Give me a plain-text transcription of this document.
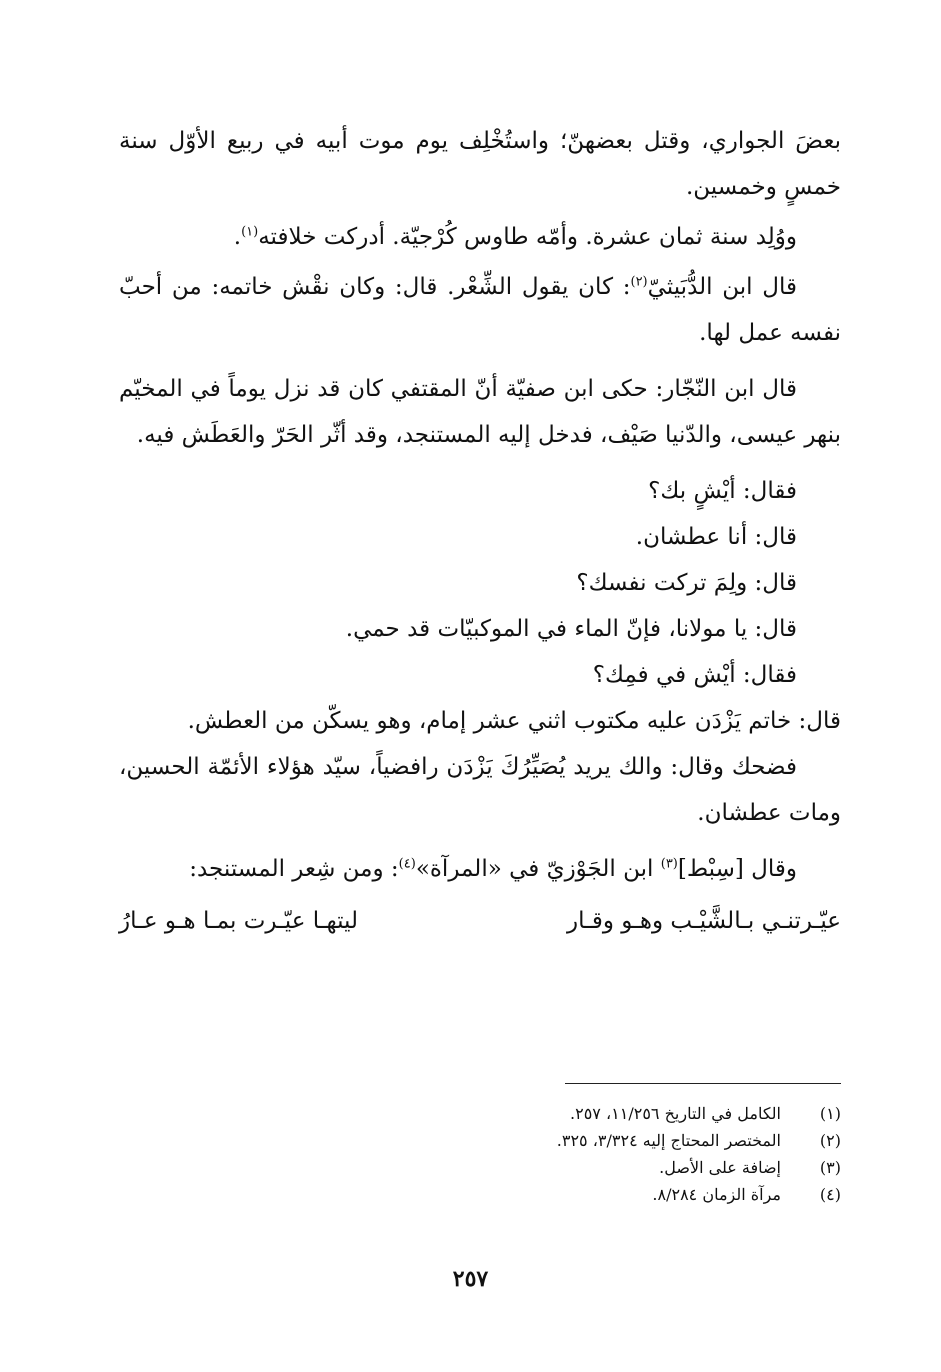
بعضَ الجواري، وقتل بعضهنّ؛ واستُخْلِف يوم موت أبيه في ربيع الأوّل سنة خمسٍ وخمسين.

ووُلِد سنة ثمان عشرة. وأمّه طاوس كُرْجيّة. أدركت خلافته$^{(١)}$.

قال ابن الدُّبَيثيّ$^{(٢)}$: كان يقول الشِّعْر. قال: وكان نقْش خاتمه: من أحبّ نفسه عمل لها.

قال ابن النّجّار: حكى ابن صفيّة أنّ المقتفي كان قد نزل يوماً في المخيّم بنهر عيسى، والدّنيا صَيْف، فدخل إليه المستنجد، وقد أثّر الحَرّ والعَطَش فيه.

فقال: أيْشٍ بك؟

قال: أنا عطشان.

قال: ولِمَ تركت نفسك؟

قال: يا مولانا، فإنّ الماء في الموكبيّات قد حمي.

فقال: أيْش في فمِك؟

قال: خاتم يَزْدَن عليه مكتوب اثني عشر إمام، وهو يسكّن من العطش.

فضحك وقال: والك يريد يُصَيِّرُكَ يَزْدَن رافضياً، سيّد هؤلاء الأئمّة الحسين، ومات عطشان.

وقال [سِبْط]$^{(٣)}$ ابن الجَوْزيّ في «المرآة»$^{(٤)}$: ومن شِعر المستنجد:

عيّـرتنـي بـالشَّيْـب وهـو وقـار
ليتهـا عيّـرت بمـا هـو عـارُ
(١)
الكامل في التاريخ ١١/٢٥٦، ٢٥٧.
(٢)
المختصر المحتاج إليه ٣/٣٢٤، ٣٢٥.
(٣)
إضافة على الأصل.
(٤)
مرآة الزمان ٨/٢٨٤.
٢٥٧
